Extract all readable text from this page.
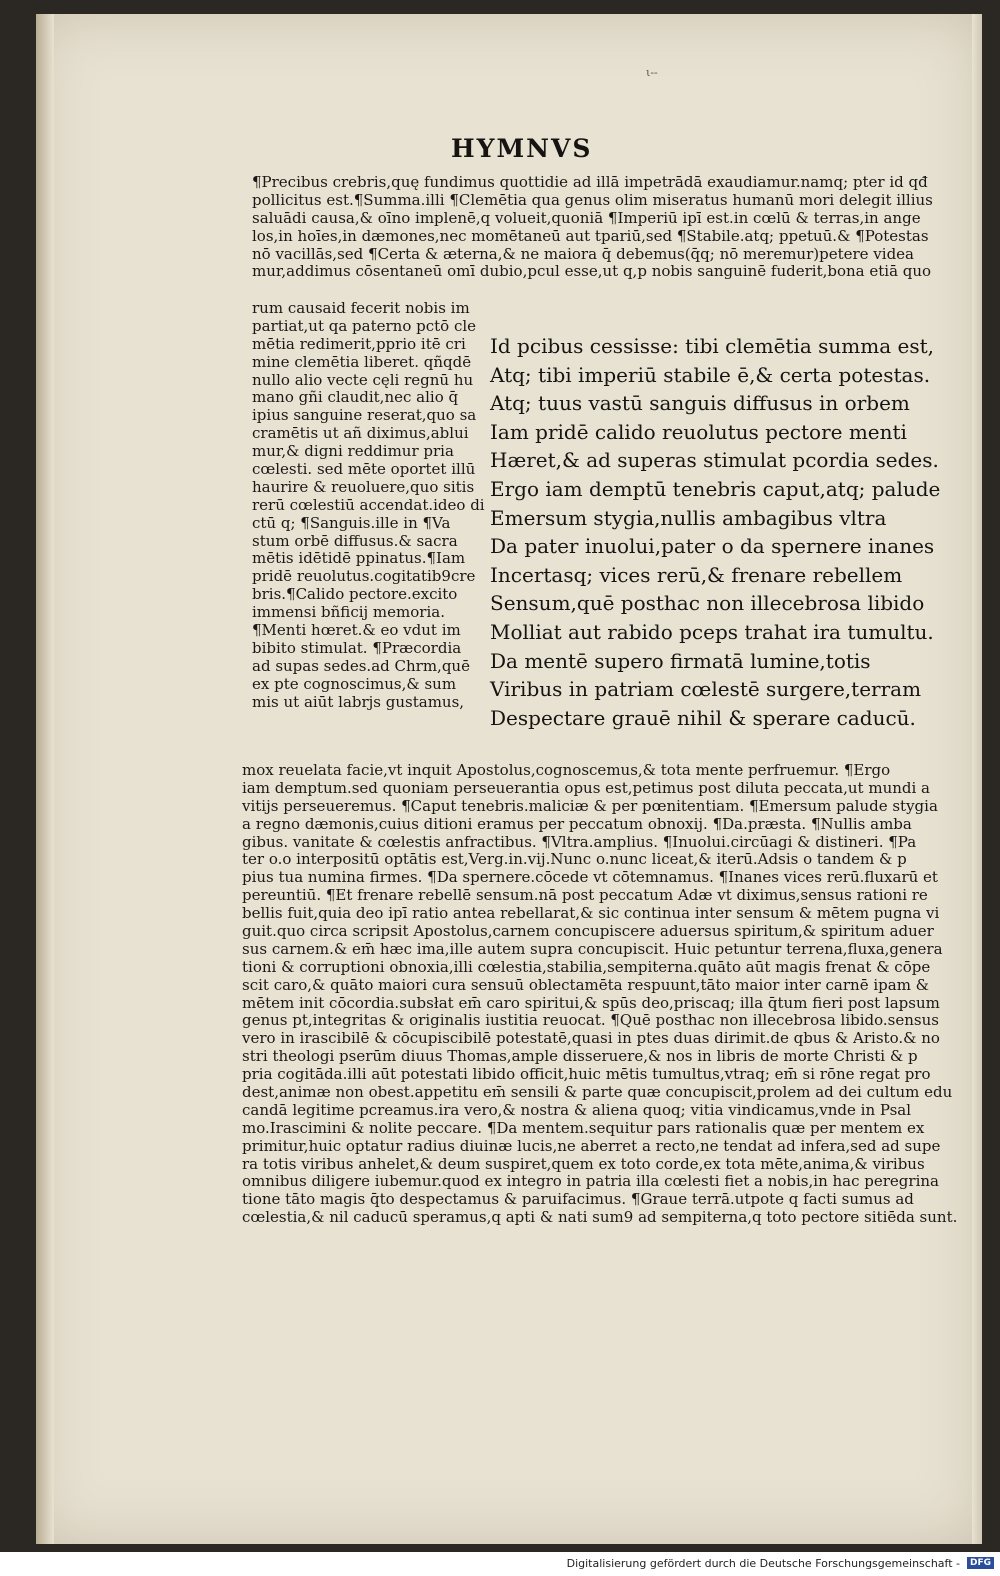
ι--
HYMNVS
¶Precibus crebris,quę fundimus quottidie ad illā impetrādā exaudiamur.namq; pter id qđ
pollicitus est.¶Summa.illi ¶Clemētia qua genus olim miseratus humanū mori delegit illius
saluādi causa,& oīno implenē,q volueit,quoniā ¶Imperiū ipī est.in cœlū & terras,in ange
los,in hoīes,in dæmones,nec momētaneū aut tpariū,sed ¶Stabile.atq; ppetuū.& ¶Potestas
nō vacillās,sed ¶Certa & æterna,& ne maiora q̄ debemus(q̄q; nō meremur)petere videa
mur,addimus cōsentaneū omī dubio,pcul esse,ut q,p nobis sanguinē fuderit,bona etiā quo
rum causaid fecerit nobis im
partiat,ut qa paterno pctō cle
mētia redimerit,pprio itē cri
mine clemētia liberet. qñqdē
nullo alio vecte cęli regnū hu
mano gñi claudit,nec alio q̄
ipius sanguine reserat,quo sa
cramētis ut añ diximus,ablui
mur,& digni reddimur pria
cœlesti. sed mēte oportet illū
haurire & reuoluere,quo sitis
rerū cœlestiū accendat.ideo di
ctū q; ¶Sanguis.ille in ¶Va
stum orbē diffusus.& sacra
mētis idētidē ppinatus.¶Iam
pridē reuolutus.cogitatib9cre
bris.¶Calido pectore.excito
immensi bñficij memoria.
¶Menti hœret.& eo vdut im
bibito stimulat. ¶Præcordia
ad supas sedes.ad Chrm,quē
ex pte cognoscimus,& sum
mis ut aiūt labrjs gustamus,
Id pcibus cessisse: tibi clemētia summa est,
Atq; tibi imperiū stabile ē,& certa potestas.
Atq; tuus vastū sanguis diffusus in orbem
Iam pridē calido reuolutus pectore menti
Hæret,& ad superas stimulat pcordia sedes.
Ergo iam demptū tenebris caput,atq; palude
Emersum stygia,nullis ambagibus vltra
Da pater inuolui,pater o da spernere inanes
Incertasq; vices rerū,& frenare rebellem
Sensum,quē posthac non illecebrosa libido
Molliat aut rabido pceps trahat ira tumultu.
Da mentē supero firmatā lumine,totis
Viribus in patriam cœlestē surgere,terram
Despectare grauē nihil & sperare caducū.
mox reuelata facie,vt inquit Apostolus,cognoscemus,& tota mente perfruemur. ¶Ergo
iam demptum.sed quoniam perseuerantia opus est,petimus post diluta peccata,ut mundi a
vitijs perseueremus. ¶Caput tenebris.maliciæ & per pœnitentiam. ¶Emersum palude stygia
a regno dæmonis,cuius ditioni eramus per peccatum obnoxij. ¶Da.præsta. ¶Nullis amba
gibus. vanitate & cœlestis anfractibus. ¶Vltra.amplius. ¶Inuolui.circūagi & distineri. ¶Pa
ter o.o interpositū optātis est,Verg.in.vij.Nunc o.nunc liceat,& iterū.Adsis o tandem & p
pius tua numina firmes. ¶Da spernere.cōcede vt cōtemnamus. ¶Inanes vices rerū.fluxarū et
pereuntiū. ¶Et frenare rebellē sensum.nā post peccatum Adæ vt diximus,sensus rationi re
bellis fuit,quia deo ipī ratio antea rebellarat,& sic continua inter sensum & mētem pugna vi
guit.quo circa scripsit Apostolus,carnem concupiscere aduersus spiritum,& spiritum aduer
sus carnem.& em̄ hæc ima,ille autem supra concupiscit. Huic petuntur terrena,fluxa,genera
tioni & corruptioni obnoxia,illi cœlestia,stabilia,sempiterna.quāto aūt magis frenat & cōpe
scit caro,& quāto maiori cura sensuū oblectamēta respuunt,tāto maior inter carnē ipam &
mētem init cōcordia.subsłat em̄ caro spiritui,& spūs deo,priscaq; illa q̄tum fieri post lapsum
genus pt,integritas & originalis iustitia reuocat. ¶Quē posthac non illecebrosa libido.sensus
vero in irascibilē & cōcupiscibilē potestatē,quasi in ptes duas dirimit.de qbus & Aristo.& no
stri theologi pserūm diuus Thomas,ample disseruere,& nos in libris de morte Christi & p
pria cogitāda.illi aūt potestati libido officit,huic mētis tumultus,vtraq; em̄ si rōne regat pro
dest,animæ non obest.appetitu em̄ sensili & parte quæ concupiscit,prolem ad dei cultum edu
candā legitime pcreamus.ira vero,& nostra & aliena quoq; vitia vindicamus,vnde in Psal
mo.Irascimini & nolite peccare. ¶Da mentem.sequitur pars rationalis quæ per mentem ex
primitur,huic optatur radius diuinæ lucis,ne aberret a recto,ne tendat ad infera,sed ad supe
ra totis viribus anhelet,& deum suspiret,quem ex toto corde,ex tota mēte,anima,& viribus
omnibus diligere iubemur.quod ex integro in patria illa cœlesti fiet a nobis,in hac peregrina
tione tāto magis q̄to despectamus & paruifacimus. ¶Graue terrā.utpote q facti sumus ad
cœlestia,& nil caducū speramus,q apti & nati sum9 ad sempiterna,q toto pectore sitiēda sunt.
Digitalisierung gefördert durch die Deutsche Forschungsgemeinschaft -	DFG
